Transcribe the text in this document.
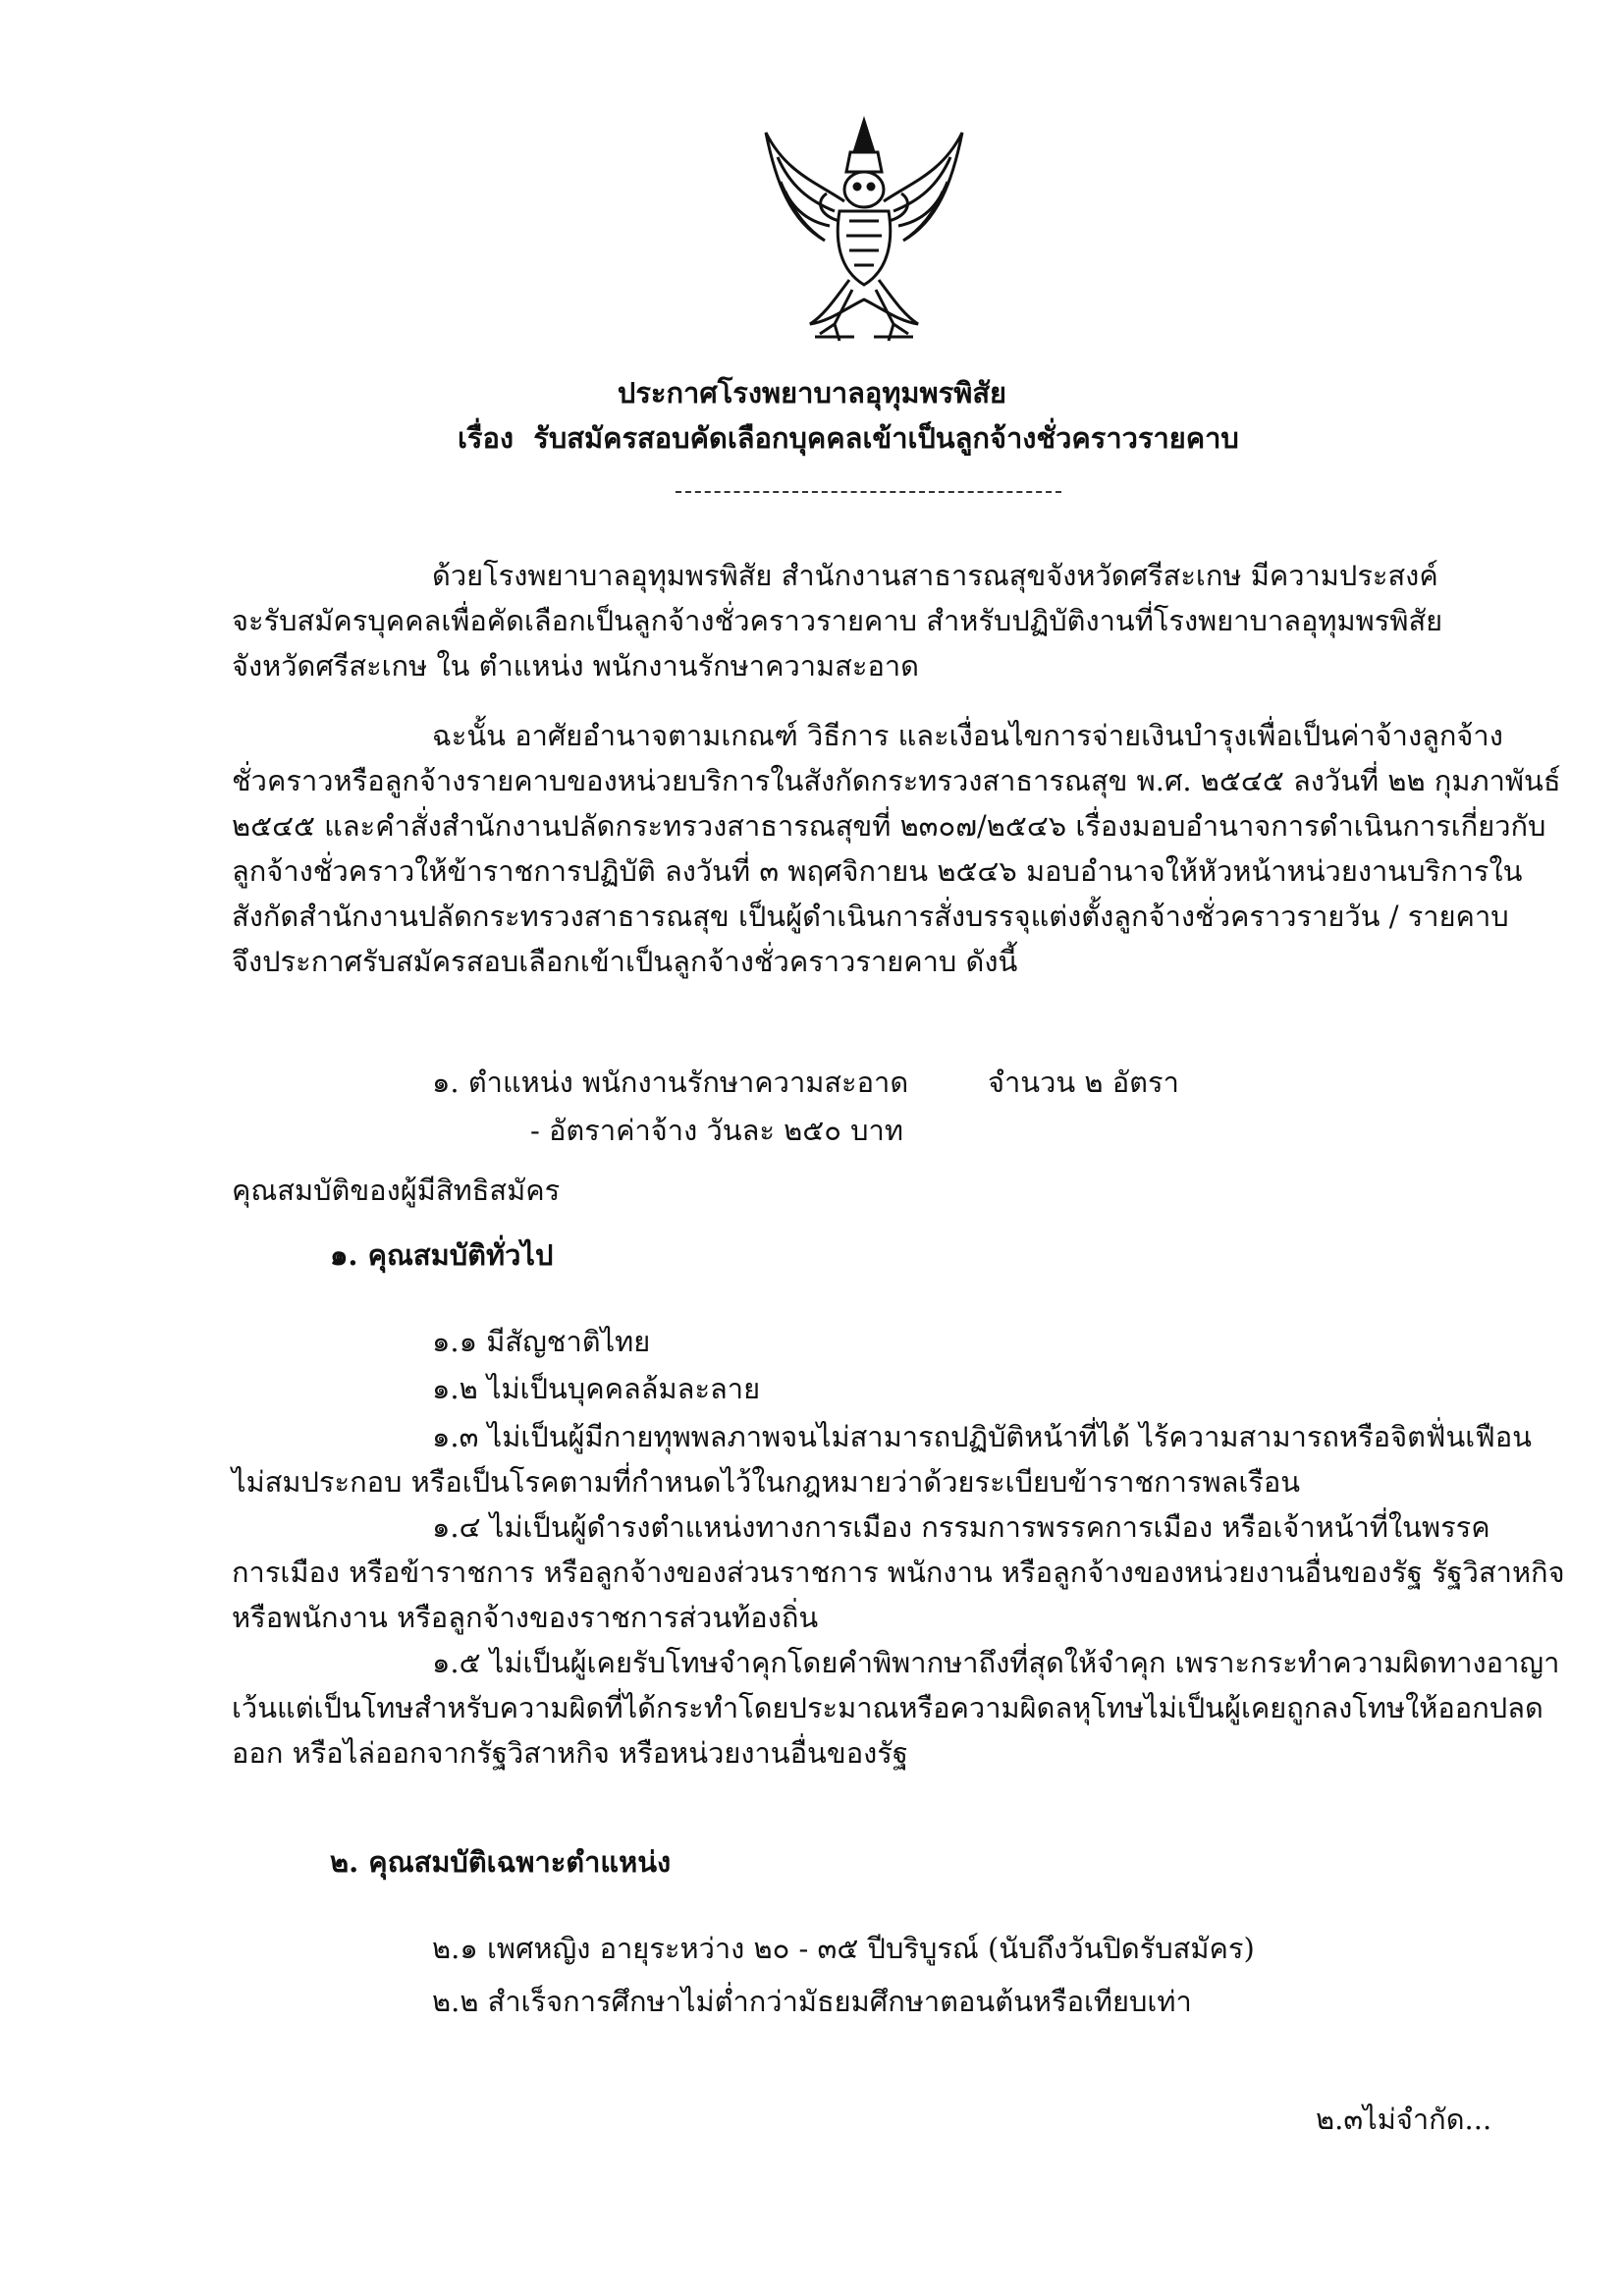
ประกาศโรงพยาบาลอุทุมพรพิสัย
เรื่อง รับสมัครสอบคัดเลือกบุคคลเข้าเป็นลูกจ้างชั่วคราวรายคาบ
ด้วยโรงพยาบาลอุทุมพรพิสัย สำนักงานสาธารณสุขจังหวัดศรีสะเกษ มีความประสงค์
จะรับสมัครบุคคลเพื่อคัดเลือกเป็นลูกจ้างชั่วคราวรายคาบ สำหรับปฏิบัติงานที่โรงพยาบาลอุทุมพรพิสัย
จังหวัดศรีสะเกษ ใน ตำแหน่ง พนักงานรักษาความสะอาด
ฉะนั้น อาศัยอำนาจตามเกณฑ์ วิธีการ และเงื่อนไขการจ่ายเงินบำรุงเพื่อเป็นค่าจ้างลูกจ้าง
ชั่วคราวหรือลูกจ้างรายคาบของหน่วยบริการในสังกัดกระทรวงสาธารณสุข พ.ศ. ๒๕๔๕ ลงวันที่ ๒๒ กุมภาพันธ์
๒๕๔๕ และคำสั่งสำนักงานปลัดกระทรวงสาธารณสุขที่ ๒๓๐๗/๒๕๔๖ เรื่องมอบอำนาจการดำเนินการเกี่ยวกับ
ลูกจ้างชั่วคราวให้ข้าราชการปฏิบัติ ลงวันที่ ๓ พฤศจิกายน ๒๕๔๖ มอบอำนาจให้หัวหน้าหน่วยงานบริการใน
สังกัดสำนักงานปลัดกระทรวงสาธารณสุข เป็นผู้ดำเนินการสั่งบรรจุแต่งตั้งลูกจ้างชั่วคราวรายวัน / รายคาบ
จึงประกาศรับสมัครสอบเลือกเข้าเป็นลูกจ้างชั่วคราวรายคาบ ดังนี้
๑. ตำแหน่ง พนักงานรักษาความสะอาด	จำนวน ๒ อัตรา
- อัตราค่าจ้าง วันละ ๒๕๐ บาท
คุณสมบัติของผู้มีสิทธิสมัคร
๑. คุณสมบัติทั่วไป
๑.๑ มีสัญชาติไทย
๑.๒ ไม่เป็นบุคคลล้มละลาย
๑.๓ ไม่เป็นผู้มีกายทุพพลภาพจนไม่สามารถปฏิบัติหน้าที่ได้ ไร้ความสามารถหรือจิตฟั่นเฟือน
ไม่สมประกอบ หรือเป็นโรคตามที่กำหนดไว้ในกฎหมายว่าด้วยระเบียบข้าราชการพลเรือน
๑.๔ ไม่เป็นผู้ดำรงตำแหน่งทางการเมือง กรรมการพรรคการเมือง หรือเจ้าหน้าที่ในพรรค
การเมือง หรือข้าราชการ หรือลูกจ้างของส่วนราชการ พนักงาน หรือลูกจ้างของหน่วยงานอื่นของรัฐ รัฐวิสาหกิจ
หรือพนักงาน หรือลูกจ้างของราชการส่วนท้องถิ่น
๑.๕ ไม่เป็นผู้เคยรับโทษจำคุกโดยคำพิพากษาถึงที่สุดให้จำคุก เพราะกระทำความผิดทางอาญา
เว้นแต่เป็นโทษสำหรับความผิดที่ได้กระทำโดยประมาณหรือความผิดลหุโทษไม่เป็นผู้เคยถูกลงโทษให้ออกปลด
ออก หรือไล่ออกจากรัฐวิสาหกิจ หรือหน่วยงานอื่นของรัฐ
๒. คุณสมบัติเฉพาะตำแหน่ง
๒.๑ เพศหญิง อายุระหว่าง ๒๐ - ๓๕ ปีบริบูรณ์ (นับถึงวันปิดรับสมัคร)
๒.๒ สำเร็จการศึกษาไม่ต่ำกว่ามัธยมศึกษาตอนต้นหรือเทียบเท่า
๒.๓ไม่จำกัด...
